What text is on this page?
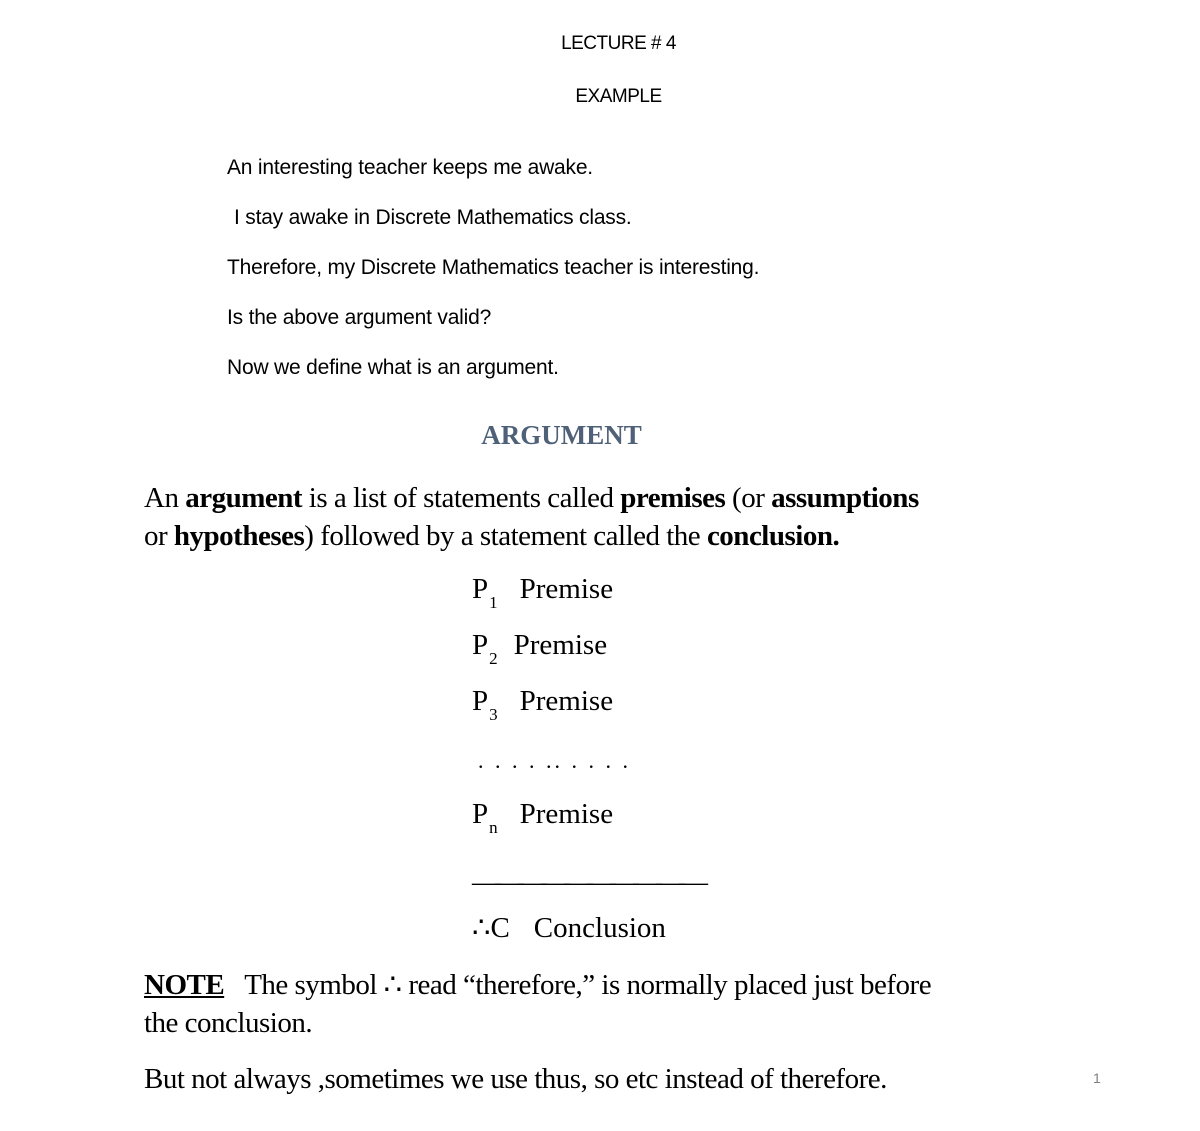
LECTURE # 4
EXAMPLE
An interesting teacher keeps me awake.
I stay awake in Discrete Mathematics class.
Therefore, my Discrete Mathematics teacher is interesting.
Is the above argument valid?
Now we define what is an argument.
ARGUMENT
An argument is a list of statements called premises (or assumptions
or hypotheses) followed by a statement called the conclusion.
$P_1$ Premise
$P_2$ Premise
$P_3$ Premise
. . . . .. . . . .
$P_n$ Premise
——————————
∴C Conclusion
NOTE The symbol ∴ read “therefore,” is normally placed just before
the conclusion.
But not always ,sometimes we use thus, so etc instead of therefore.	1
